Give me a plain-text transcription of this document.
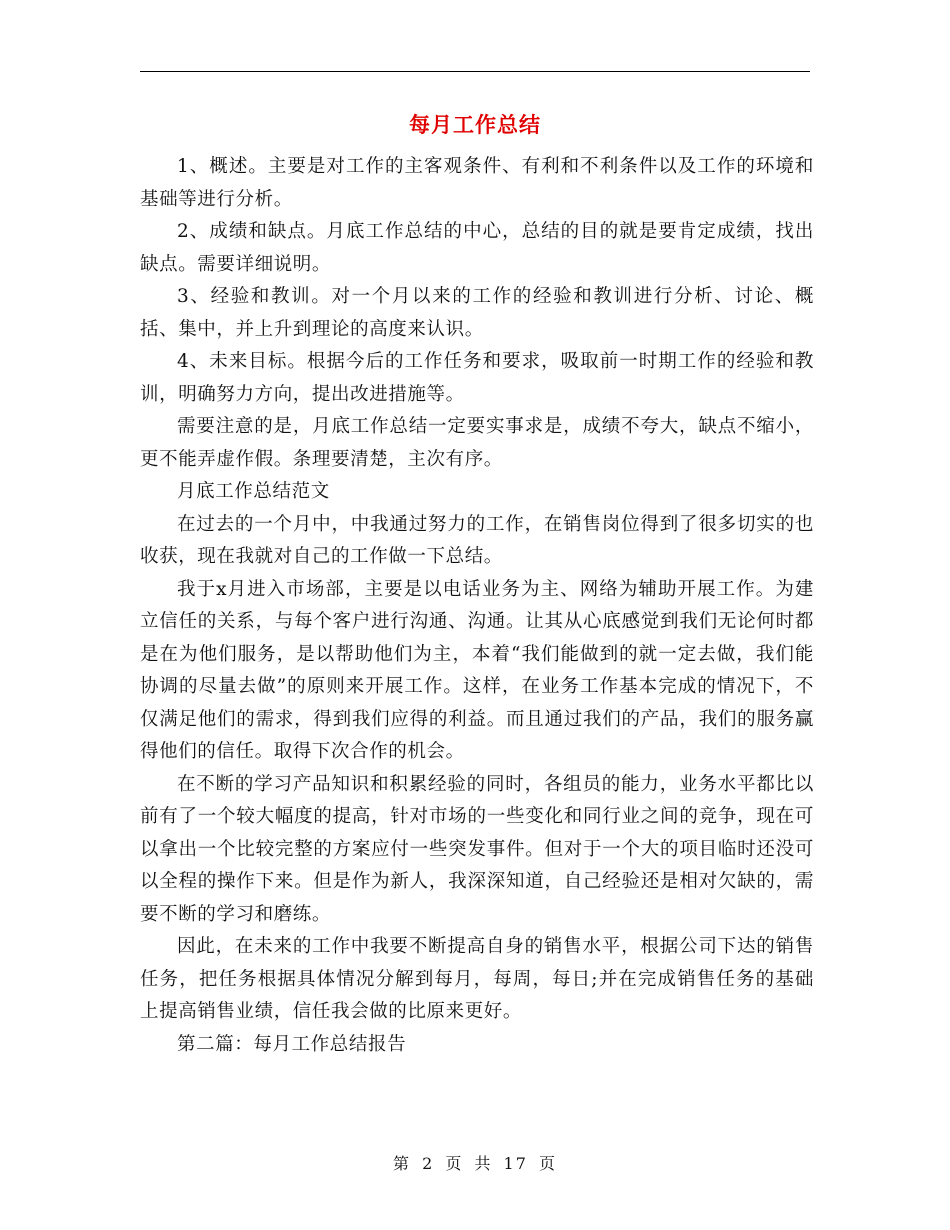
每月工作总结

1、概述。主要是对工作的主客观条件、有利和不利条件以及工作的环境和基础等进行分析。

2、成绩和缺点。月底工作总结的中心，总结的目的就是要肯定成绩，找出缺点。需要详细说明。

3、经验和教训。对一个月以来的工作的经验和教训进行分析、讨论、概括、集中，并上升到理论的高度来认识。

4、未来目标。根据今后的工作任务和要求，吸取前一时期工作的经验和教训，明确努力方向，提出改进措施等。

需要注意的是，月底工作总结一定要实事求是，成绩不夸大，缺点不缩小，更不能弄虚作假。条理要清楚，主次有序。

月底工作总结范文

在过去的一个月中，中我通过努力的工作，在销售岗位得到了很多切实的也收获，现在我就对自己的工作做一下总结。

我于x月进入市场部，主要是以电话业务为主、网络为辅助开展工作。为建立信任的关系，与每个客户进行沟通、沟通。让其从心底感觉到我们无论何时都是在为他们服务，是以帮助他们为主，本着“我们能做到的就一定去做，我们能协调的尽量去做”的原则来开展工作。这样，在业务工作基本完成的情况下，不仅满足他们的需求，得到我们应得的利益。而且通过我们的产品，我们的服务赢得他们的信任。取得下次合作的机会。

在不断的学习产品知识和积累经验的同时，各组员的能力，业务水平都比以前有了一个较大幅度的提高，针对市场的一些变化和同行业之间的竞争，现在可以拿出一个比较完整的方案应付一些突发事件。但对于一个大的项目临时还没可以全程的操作下来。但是作为新人，我深深知道，自己经验还是相对欠缺的，需要不断的学习和磨练。

因此，在未来的工作中我要不断提高自身的销售水平，根据公司下达的销售任务，把任务根据具体情况分解到每月，每周，每日;并在完成销售任务的基础上提高销售业绩，信任我会做的比原来更好。

第二篇：每月工作总结报告

第 2 页 共 17 页
